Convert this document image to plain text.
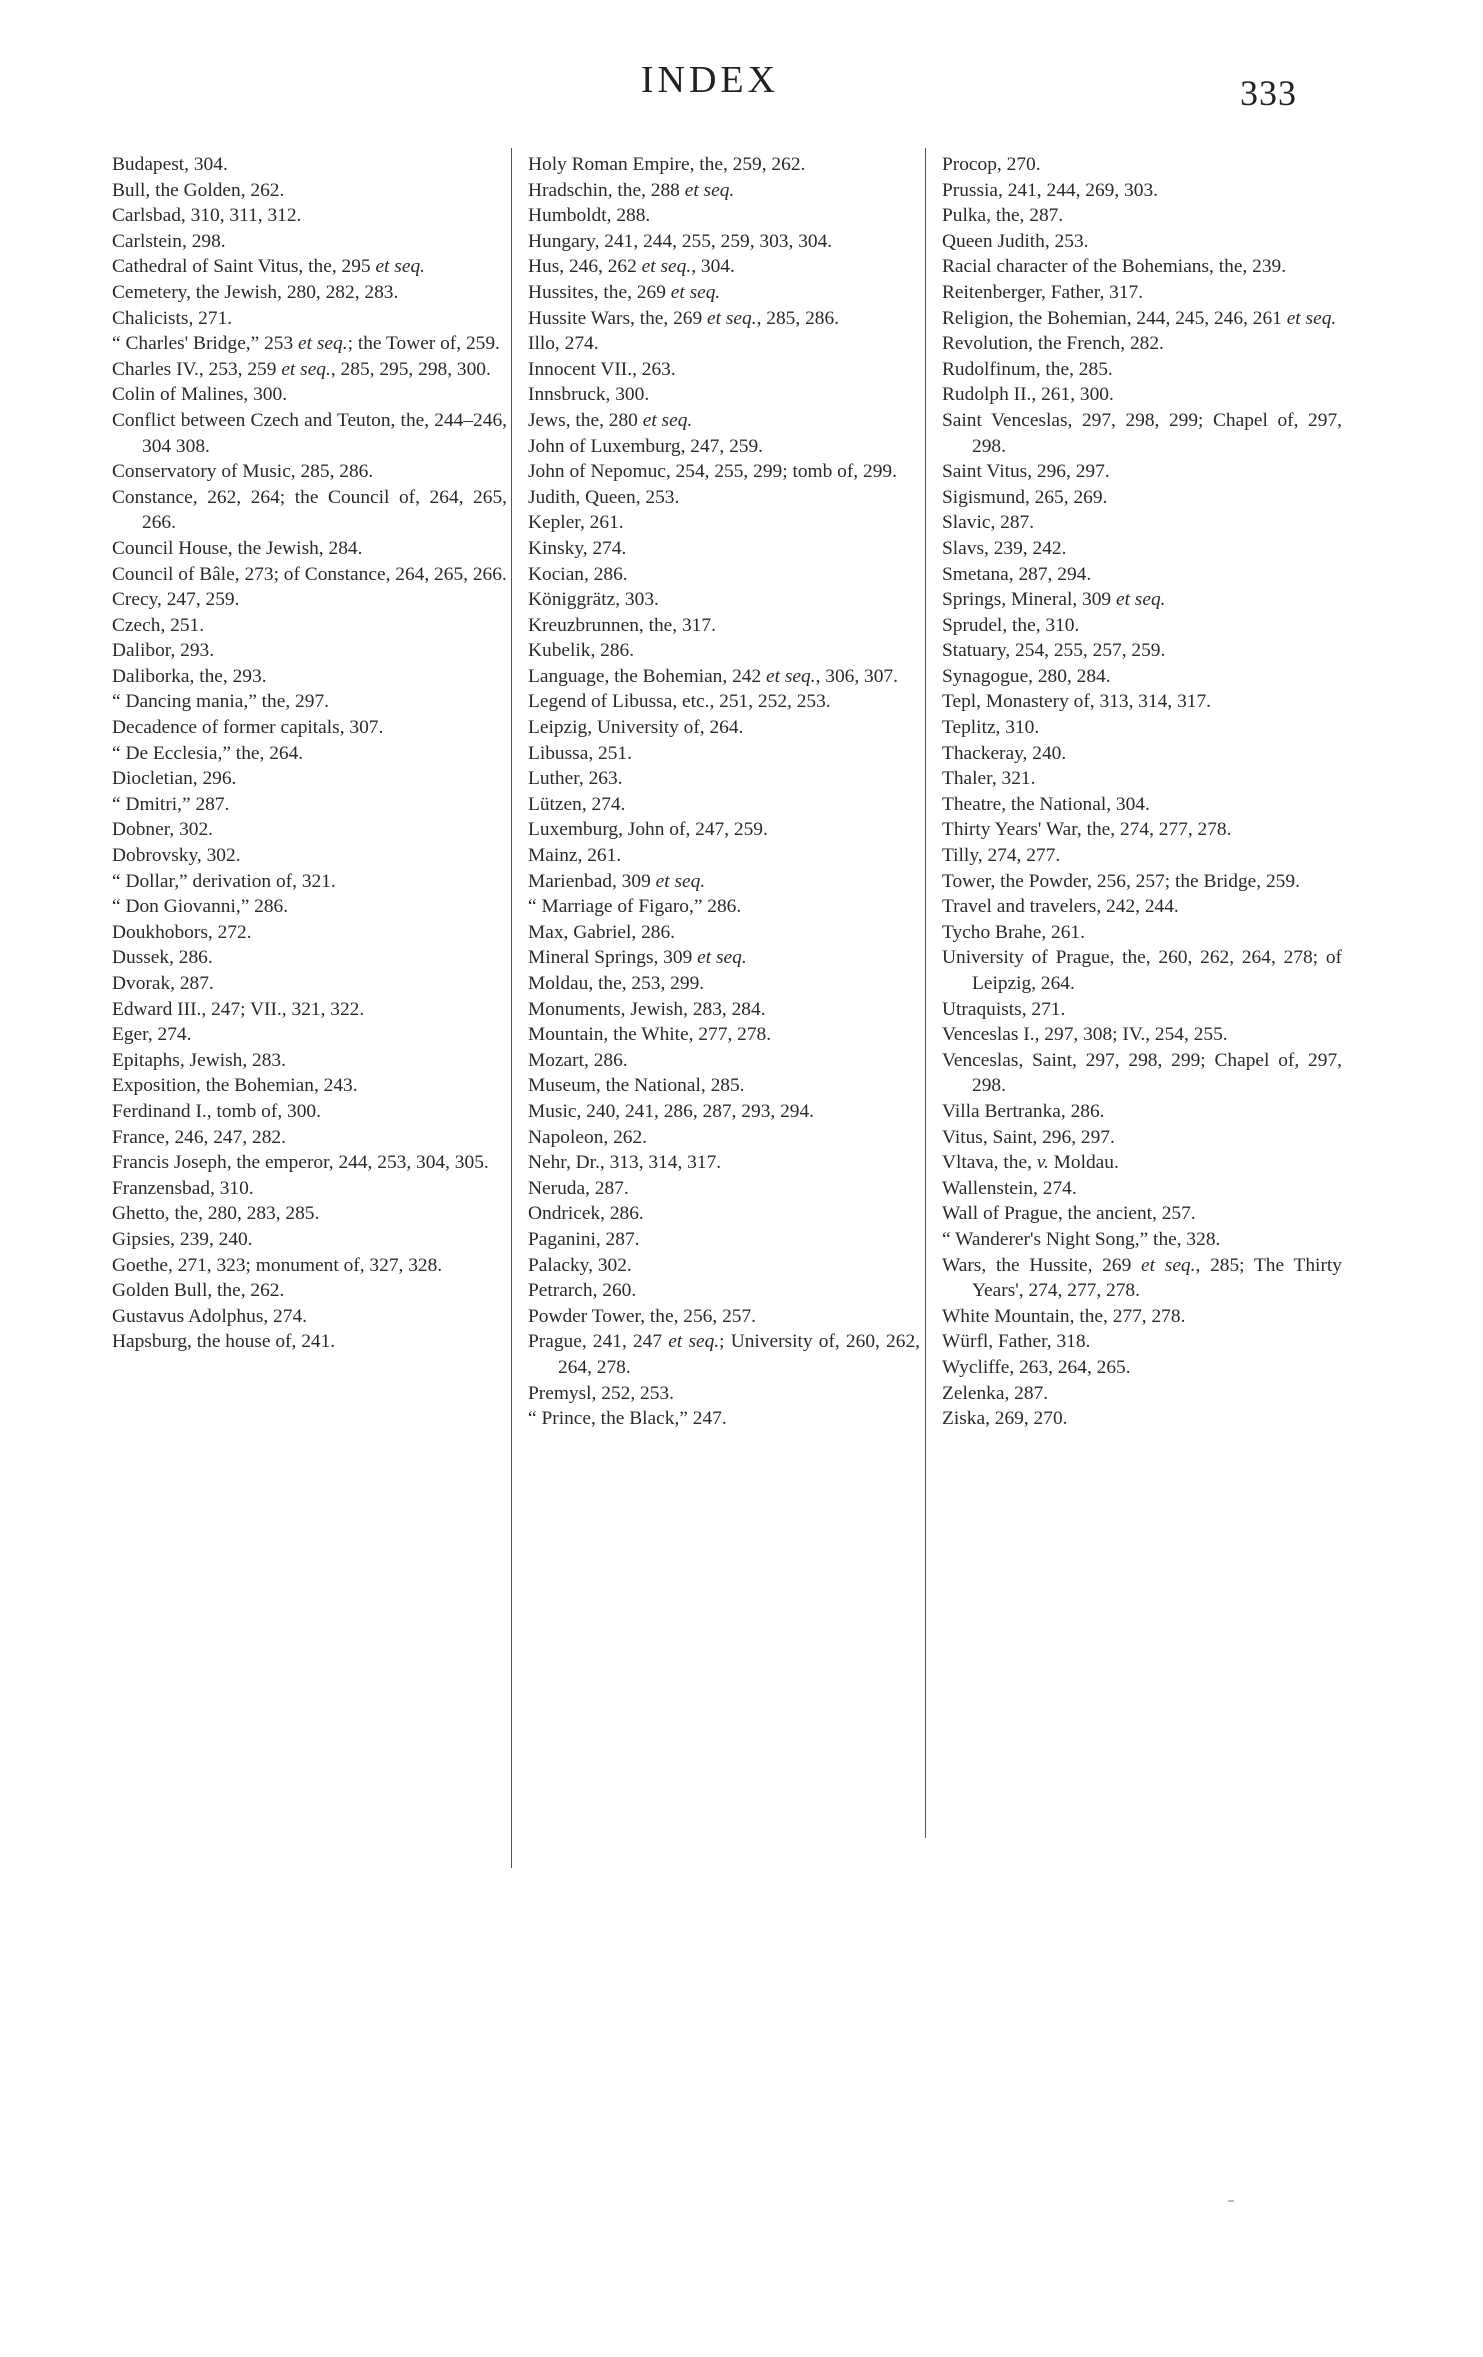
INDEX	333
Budapest, 304.
Bull, the Golden, 262.
Carlsbad, 310, 311, 312.
Carlstein, 298.
Cathedral of Saint Vitus, the, 295 et seq.
Cemetery, the Jewish, 280, 282, 283.
Chalicists, 271.
“ Charles' Bridge,” 253 et seq.; the Tower of, 259.
Charles IV., 253, 259 et seq., 285, 295, 298, 300.
Colin of Malines, 300.
Conflict between Czech and Teuton, the, 244–246, 304 308.
Conservatory of Music, 285, 286.
Constance, 262, 264; the Council of, 264, 265, 266.
Council House, the Jewish, 284.
Council of Bâle, 273; of Constance, 264, 265, 266.
Crecy, 247, 259.
Czech, 251.
Dalibor, 293.
Daliborka, the, 293.
“ Dancing mania,” the, 297.
Decadence of former capitals, 307.
“ De Ecclesia,” the, 264.
Diocletian, 296.
“ Dmitri,” 287.
Dobner, 302.
Dobrovsky, 302.
“ Dollar,” derivation of, 321.
“ Don Giovanni,” 286.
Doukhobors, 272.
Dussek, 286.
Dvorak, 287.
Edward III., 247; VII., 321, 322.
Eger, 274.
Epitaphs, Jewish, 283.
Exposition, the Bohemian, 243.
Ferdinand I., tomb of, 300.
France, 246, 247, 282.
Francis Joseph, the emperor, 244, 253, 304, 305.
Franzensbad, 310.
Ghetto, the, 280, 283, 285.
Gipsies, 239, 240.
Goethe, 271, 323; monument of, 327, 328.
Golden Bull, the, 262.
Gustavus Adolphus, 274.
Hapsburg, the house of, 241.
Holy Roman Empire, the, 259, 262.
Hradschin, the, 288 et seq.
Humboldt, 288.
Hungary, 241, 244, 255, 259, 303, 304.
Hus, 246, 262 et seq., 304.
Hussites, the, 269 et seq.
Hussite Wars, the, 269 et seq., 285, 286.
Illo, 274.
Innocent VII., 263.
Innsbruck, 300.
Jews, the, 280 et seq.
John of Luxemburg, 247, 259.
John of Nepomuc, 254, 255, 299; tomb of, 299.
Judith, Queen, 253.
Kepler, 261.
Kinsky, 274.
Kocian, 286.
Königgrätz, 303.
Kreuzbrunnen, the, 317.
Kubelik, 286.
Language, the Bohemian, 242 et seq., 306, 307.
Legend of Libussa, etc., 251, 252, 253.
Leipzig, University of, 264.
Libussa, 251.
Luther, 263.
Lützen, 274.
Luxemburg, John of, 247, 259.
Mainz, 261.
Marienbad, 309 et seq.
“ Marriage of Figaro,” 286.
Max, Gabriel, 286.
Mineral Springs, 309 et seq.
Moldau, the, 253, 299.
Monuments, Jewish, 283, 284.
Mountain, the White, 277, 278.
Mozart, 286.
Museum, the National, 285.
Music, 240, 241, 286, 287, 293, 294.
Napoleon, 262.
Nehr, Dr., 313, 314, 317.
Neruda, 287.
Ondricek, 286.
Paganini, 287.
Palacky, 302.
Petrarch, 260.
Powder Tower, the, 256, 257.
Prague, 241, 247 et seq.; University of, 260, 262, 264, 278.
Premysl, 252, 253.
“ Prince, the Black,” 247.
Procop, 270.
Prussia, 241, 244, 269, 303.
Pulka, the, 287.
Queen Judith, 253.
Racial character of the Bohemians, the, 239.
Reitenberger, Father, 317.
Religion, the Bohemian, 244, 245, 246, 261 et seq.
Revolution, the French, 282.
Rudolfinum, the, 285.
Rudolph II., 261, 300.
Saint Venceslas, 297, 298, 299; Chapel of, 297, 298.
Saint Vitus, 296, 297.
Sigismund, 265, 269.
Slavic, 287.
Slavs, 239, 242.
Smetana, 287, 294.
Springs, Mineral, 309 et seq.
Sprudel, the, 310.
Statuary, 254, 255, 257, 259.
Synagogue, 280, 284.
Tepl, Monastery of, 313, 314, 317.
Teplitz, 310.
Thackeray, 240.
Thaler, 321.
Theatre, the National, 304.
Thirty Years' War, the, 274, 277, 278.
Tilly, 274, 277.
Tower, the Powder, 256, 257; the Bridge, 259.
Travel and travelers, 242, 244.
Tycho Brahe, 261.
University of Prague, the, 260, 262, 264, 278; of Leipzig, 264.
Utraquists, 271.
Venceslas I., 297, 308; IV., 254, 255.
Venceslas, Saint, 297, 298, 299; Chapel of, 297, 298.
Villa Bertranka, 286.
Vitus, Saint, 296, 297.
Vltava, the, v. Moldau.
Wallenstein, 274.
Wall of Prague, the ancient, 257.
“ Wanderer's Night Song,” the, 328.
Wars, the Hussite, 269 et seq., 285; The Thirty Years', 274, 277, 278.
White Mountain, the, 277, 278.
Würfl, Father, 318.
Wycliffe, 263, 264, 265.
Zelenka, 287.
Ziska, 269, 270.
